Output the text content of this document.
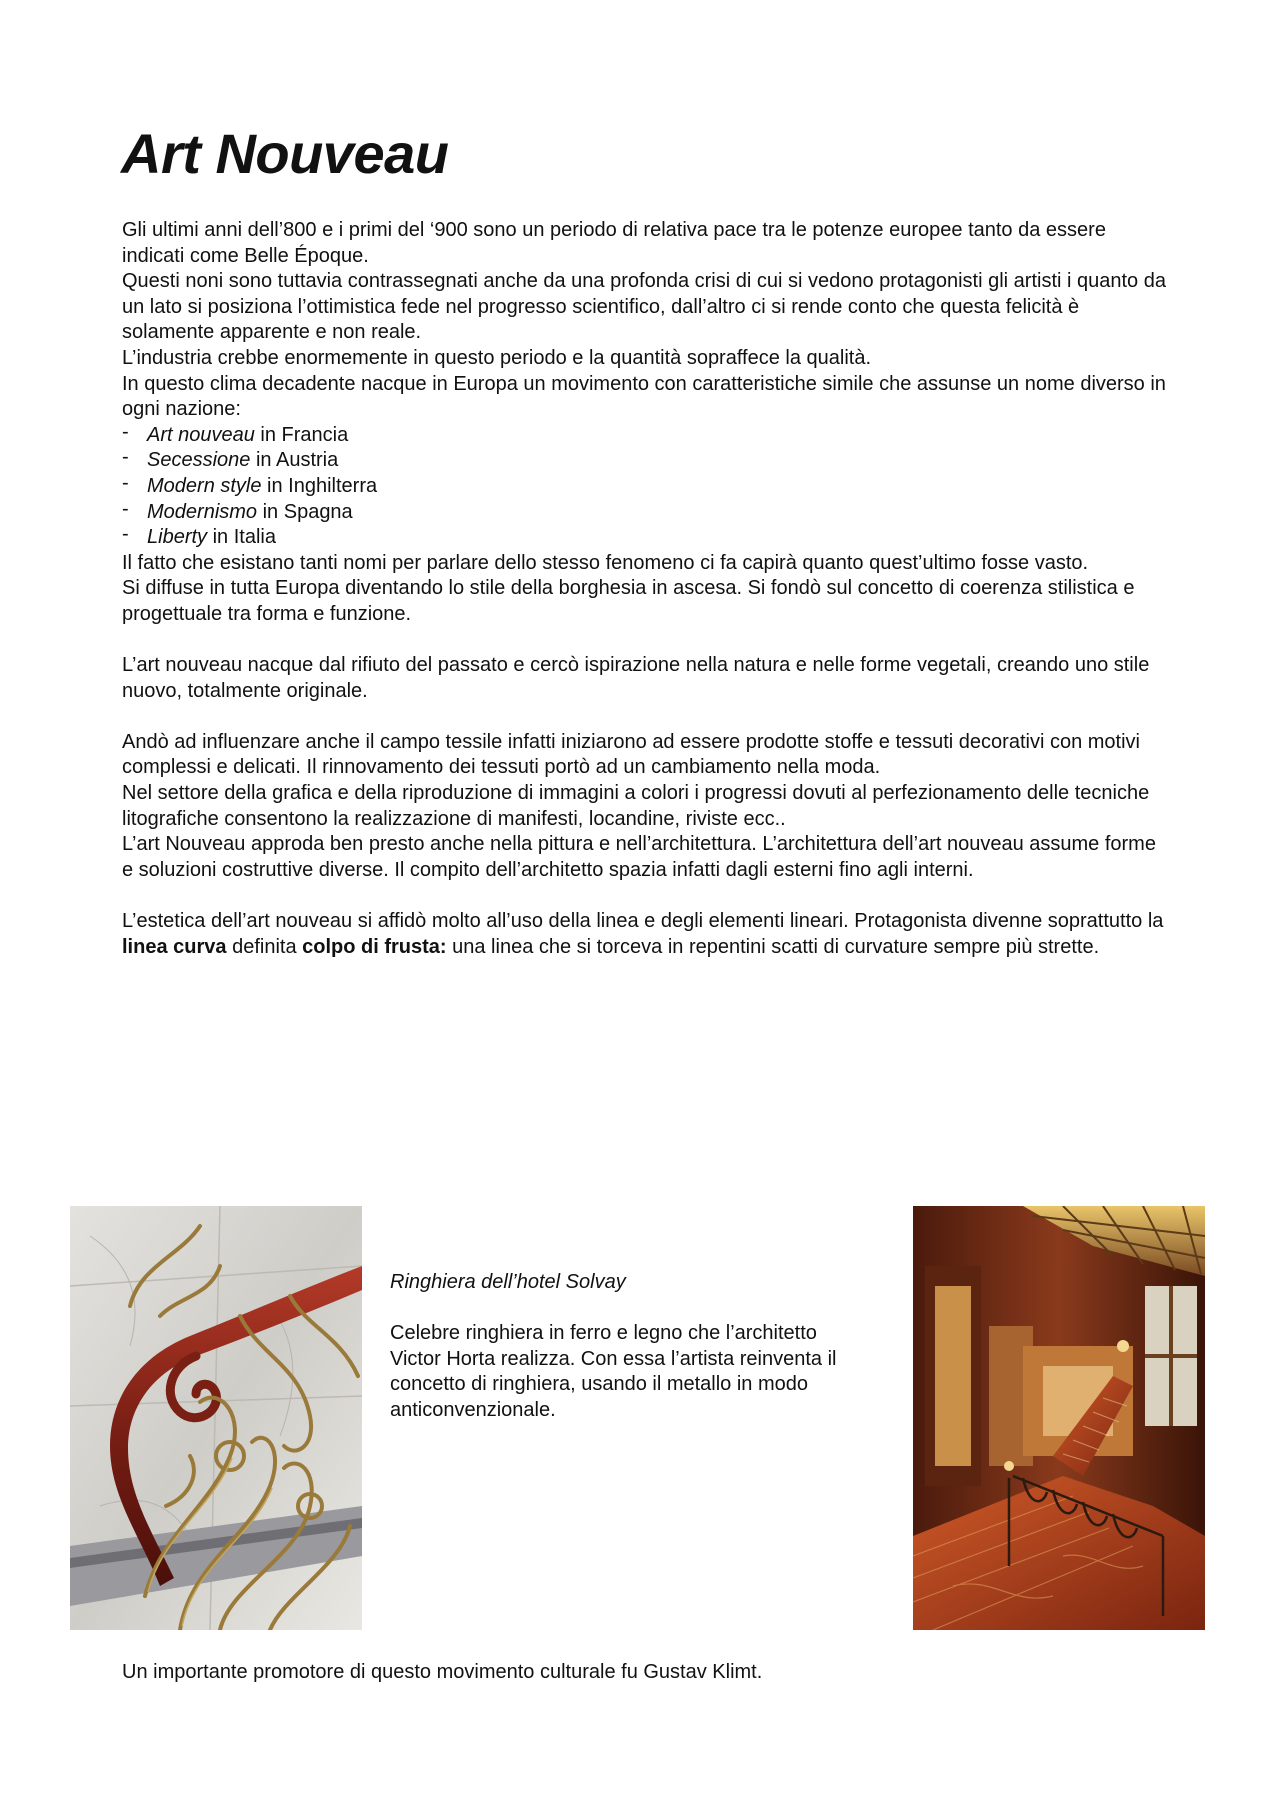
Art Nouveau

Gli ultimi anni dell’800 e i primi del ‘900 sono un periodo di relativa pace tra le potenze europee tanto da essere indicati come Belle Époque.

Questi noni sono tuttavia contrassegnati anche da una profonda crisi di cui si vedono protagonisti gli artisti i quanto da un lato si posiziona l’ottimistica fede nel progresso scientifico, dall’altro ci si rende conto che questa felicità è solamente apparente e non reale.

L’industria crebbe enormemente in questo periodo e la quantità sopraffece la qualità.

In questo clima decadente nacque in Europa un movimento con caratteristiche simile che assunse un nome diverso in ogni nazione:

- Art nouveau in Francia
- Secessione in Austria
- Modern style in Inghilterra
- Modernismo in Spagna
- Liberty in Italia

Il fatto che esistano tanti nomi per parlare dello stesso fenomeno ci fa capirà quanto quest’ultimo fosse vasto.

Si diffuse in tutta Europa diventando lo stile della borghesia in ascesa. Si fondò sul concetto di coerenza stilistica e progettuale tra forma e funzione.

L’art nouveau nacque dal rifiuto del passato e cercò ispirazione nella natura e nelle forme vegetali, creando uno stile nuovo, totalmente originale.

Andò ad influenzare anche il campo tessile infatti iniziarono ad essere prodotte stoffe e tessuti decorativi con motivi complessi e delicati. Il rinnovamento dei tessuti portò ad un cambiamento nella moda.

Nel settore della grafica e della riproduzione di immagini a colori i progressi dovuti al perfezionamento delle tecniche litografiche consentono la realizzazione di manifesti, locandine, riviste ecc..

L’art Nouveau approda ben presto anche nella pittura e nell’architettura. L’architettura dell’art nouveau assume forme e soluzioni costruttive diverse. Il compito dell’architetto spazia infatti dagli esterni fino agli interni.

L’estetica dell’art nouveau si affidò molto all’uso della linea e degli elementi lineari. Protagonista divenne soprattutto la linea curva definita colpo di frusta: una linea che si torceva in repentini scatti di curvature sempre più strette.

Ringhiera dell’hotel Solvay

Celebre ringhiera in ferro e legno che l’architetto Victor Horta realizza. Con essa l’artista reinventa il concetto di ringhiera, usando il metallo in modo anticonvenzionale.

Un importante promotore di questo movimento culturale fu Gustav Klimt.
